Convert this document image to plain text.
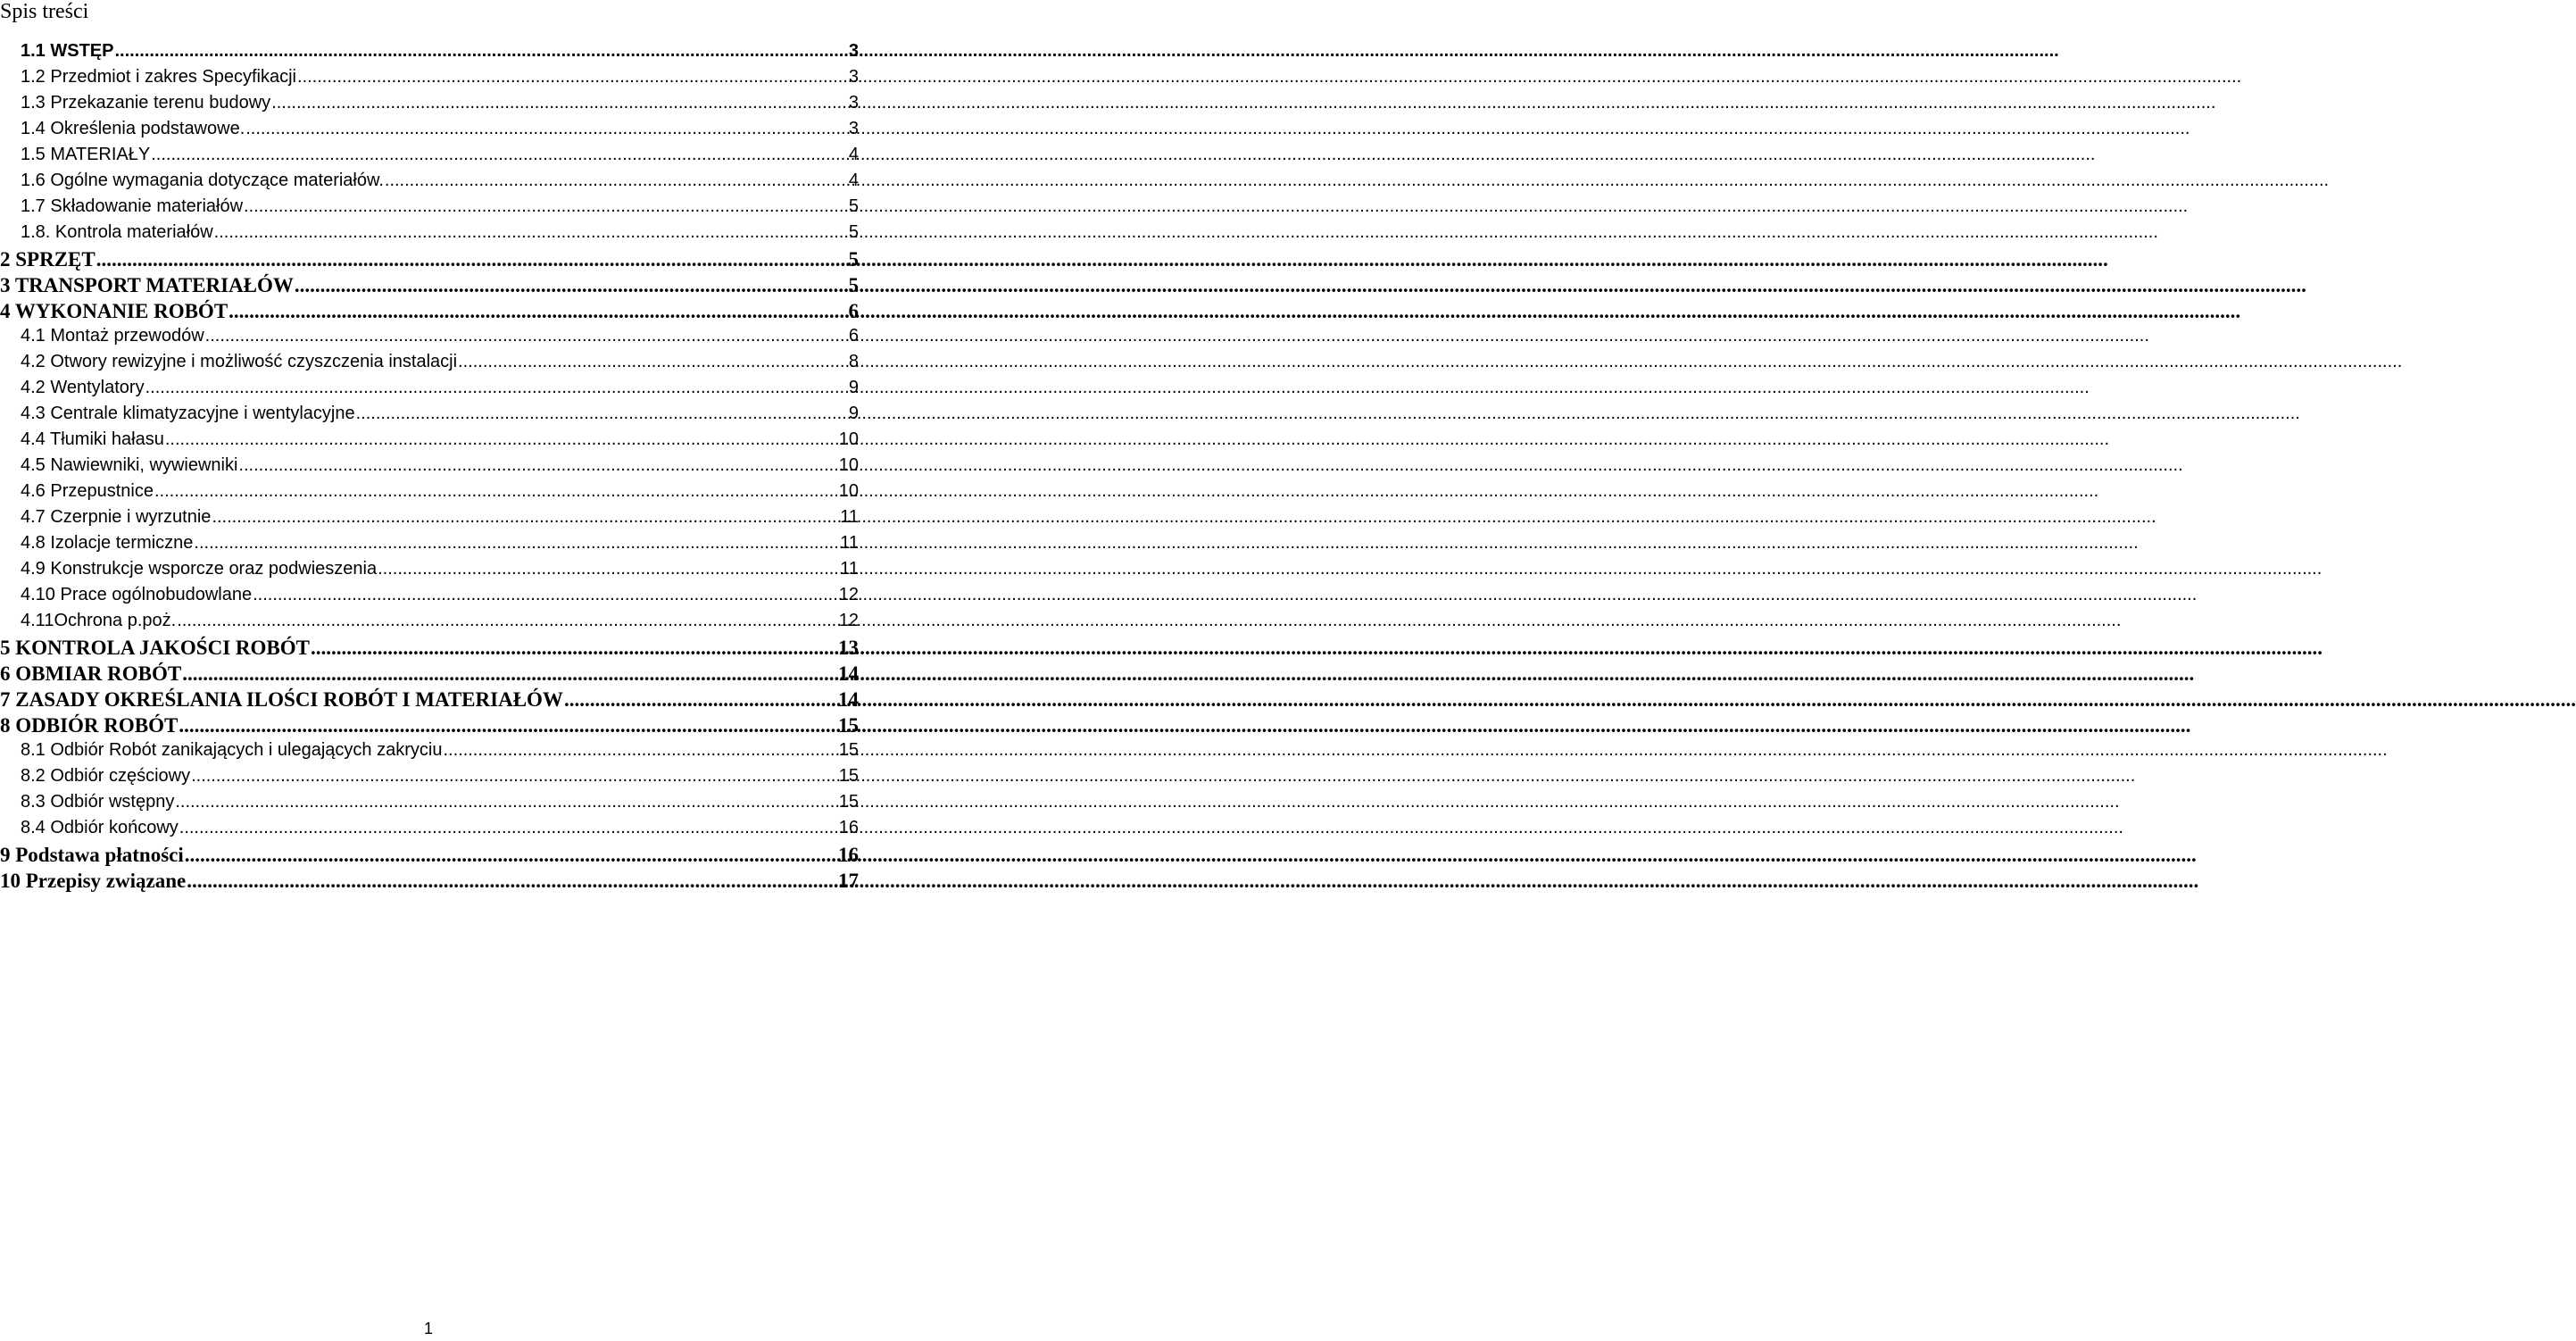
Spis treści
1.1 WSTĘP .....	3
1.2 Przedmiot i zakres Specyfikacji .....	3
1.3 Przekazanie terenu budowy .....	3
1.4 Określenia podstawowe. .....	3
1.5 MATERIAŁY .....	4
1.6 Ogólne wymagania dotyczące materiałów. .....	4
1.7 Składowanie materiałów .....	5
1.8. Kontrola materiałów .....	5
2 SPRZĘT .....	5
3 TRANSPORT MATERIAŁÓW .....	5
4 WYKONANIE ROBÓT .....	6
4.1 Montaż przewodów .....	6
4.2 Otwory rewizyjne i możliwość czyszczenia instalacji .....	8
4.2 Wentylatory .....	9
4.3 Centrale klimatyzacyjne i wentylacyjne .....	9
4.4 Tłumiki hałasu .....	10
4.5 Nawiewniki, wywiewniki .....	10
4.6 Przepustnice .....	10
4.7 Czerpnie i wyrzutnie .....	11
4.8 Izolacje termiczne .....	11
4.9 Konstrukcje wsporcze oraz podwieszenia .....	11
4.10 Prace ogólnobudowlane .....	12
4.11Ochrona p.poż. .....	12
5 KONTROLA JAKOŚCI ROBÓT .....	13
6 OBMIAR ROBÓT .....	14
7 ZASADY OKREŚLANIA ILOŚCI ROBÓT I MATERIAŁÓW .....	14
8 ODBIÓR ROBÓT .....	15
8.1 Odbiór Robót zanikających i ulegających zakryciu .....	15
8.2 Odbiór częściowy .....	15
8.3 Odbiór wstępny .....	15
8.4 Odbiór końcowy .....	16
9 Podstawa płatności .....	16
10 Przepisy związane .....	17
1
